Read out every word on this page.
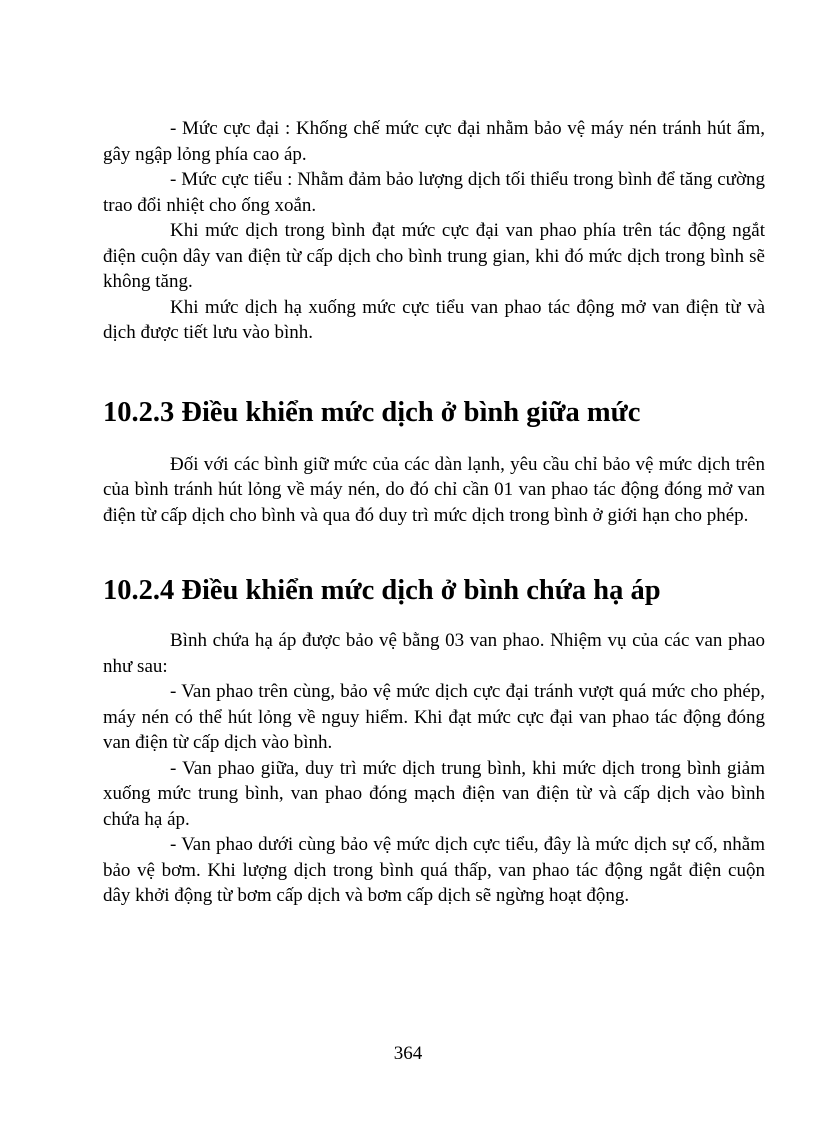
- Mức cực đại : Khống chế mức cực đại nhằm bảo vệ máy nén tránh hút ẩm, gây ngập lỏng phía cao áp.

- Mức cực tiểu : Nhằm đảm bảo lượng dịch tối thiểu trong bình để tăng cường trao đổi nhiệt cho ống xoắn.

Khi mức dịch trong bình đạt mức cực đại van phao phía trên tác động ngắt điện cuộn dây van điện từ cấp dịch cho bình trung gian, khi đó mức dịch trong bình sẽ không tăng.

Khi mức dịch hạ xuống mức cực tiểu van phao tác động mở van điện từ và dịch được tiết lưu vào bình.

10.2.3 Điều khiển mức dịch ở bình giữa mức

Đối với các bình giữ mức của các dàn lạnh, yêu cầu chỉ bảo vệ mức dịch trên của bình tránh hút lỏng về máy nén, do đó chỉ cần 01 van phao tác động đóng mở van điện từ cấp dịch cho bình và qua đó duy trì mức dịch trong bình ở giới hạn cho phép.

10.2.4 Điều khiển mức dịch ở bình chứa hạ áp

Bình chứa hạ áp được bảo vệ bằng 03 van phao. Nhiệm vụ của các van phao như sau:

- Van phao trên cùng, bảo vệ mức dịch cực đại tránh vượt quá mức cho phép, máy nén có thể hút lỏng về nguy hiểm. Khi đạt mức cực đại van phao tác động đóng van điện từ cấp dịch vào bình.

- Van phao giữa, duy trì mức dịch trung bình, khi mức dịch trong bình giảm xuống mức trung bình, van phao đóng mạch điện van điện từ và cấp dịch vào bình chứa hạ áp.

- Van phao dưới cùng bảo vệ mức dịch cực tiểu, đây là mức dịch sự cố, nhằm bảo vệ bơm. Khi lượng dịch trong bình quá thấp, van phao tác động ngắt điện cuộn dây khởi động từ bơm cấp dịch và bơm cấp dịch sẽ ngừng hoạt động.

364
